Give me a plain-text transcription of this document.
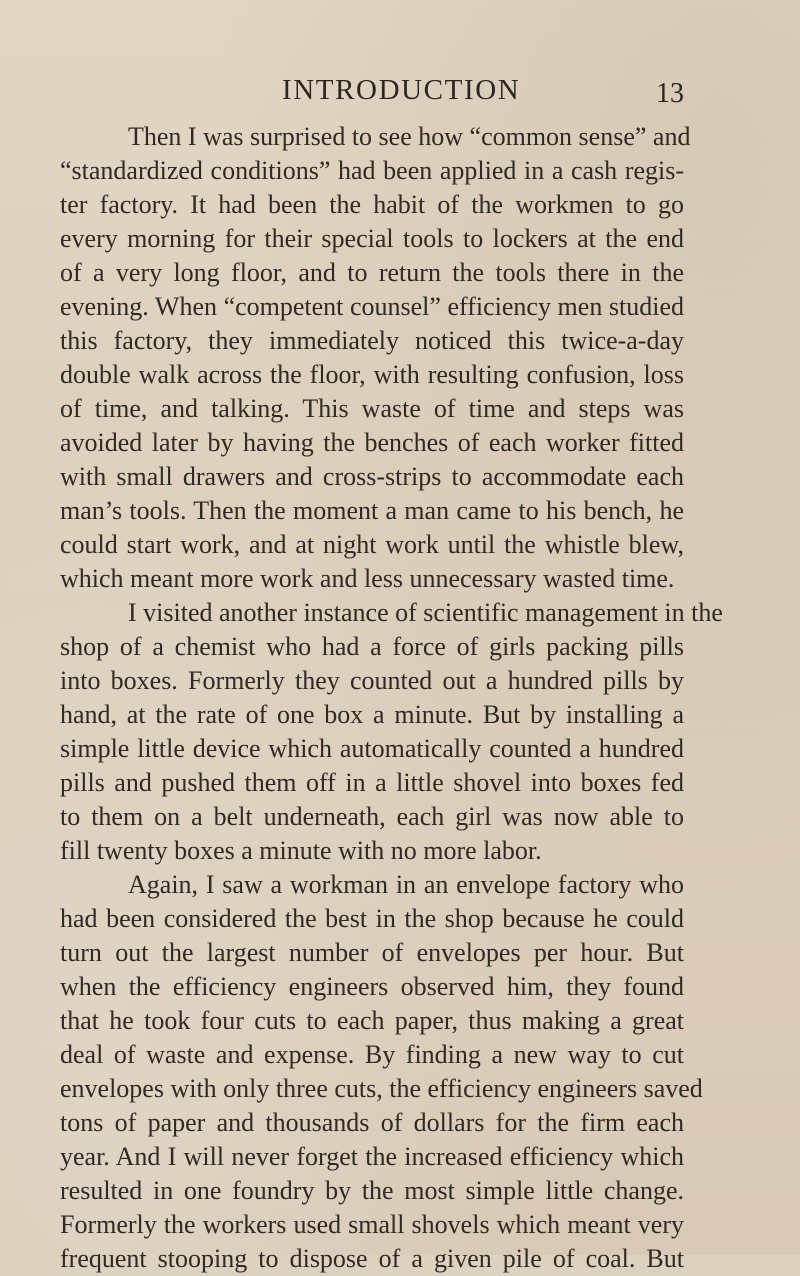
INTRODUCTION	13
Then I was surprised to see how “common sense” and
“standardized conditions” had been applied in a cash regis-
ter factory. It had been the habit of the workmen to go
every morning for their special tools to lockers at the end
of a very long floor, and to return the tools there in the
evening. When “competent counsel” efficiency men studied
this factory, they immediately noticed this twice-a-day
double walk across the floor, with resulting confusion, loss
of time, and talking. This waste of time and steps was
avoided later by having the benches of each worker fitted
with small drawers and cross-strips to accommodate each
man’s tools. Then the moment a man came to his bench, he
could start work, and at night work until the whistle blew,
which meant more work and less unnecessary wasted time.
I visited another instance of scientific management in the
shop of a chemist who had a force of girls packing pills
into boxes. Formerly they counted out a hundred pills by
hand, at the rate of one box a minute. But by installing a
simple little device which automatically counted a hundred
pills and pushed them off in a little shovel into boxes fed
to them on a belt underneath, each girl was now able to
fill twenty boxes a minute with no more labor.
Again, I saw a workman in an envelope factory who
had been considered the best in the shop because he could
turn out the largest number of envelopes per hour. But
when the efficiency engineers observed him, they found
that he took four cuts to each paper, thus making a great
deal of waste and expense. By finding a new way to cut
envelopes with only three cuts, the efficiency engineers saved
tons of paper and thousands of dollars for the firm each
year. And I will never forget the increased efficiency which
resulted in one foundry by the most simple little change.
Formerly the workers used small shovels which meant very
frequent stooping to dispose of a given pile of coal. But
